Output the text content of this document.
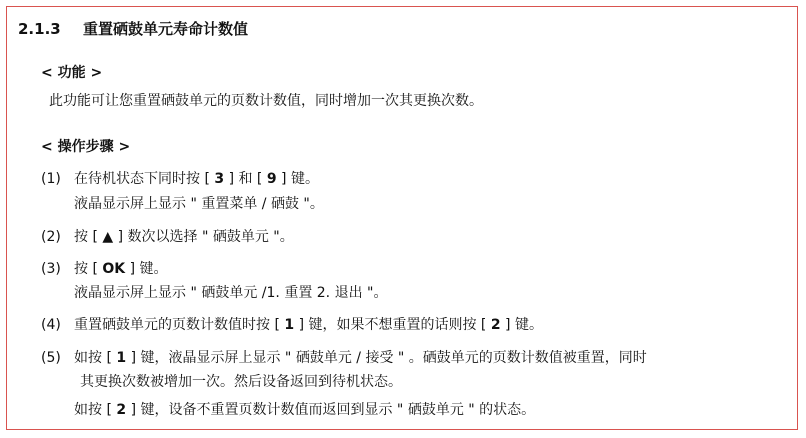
2.1.3 重置硒鼓单元寿命计数值
< 功能 >
此功能可让您重置硒鼓单元的页数计数值，同时增加一次其更换次数。
< 操作步骤 >
(1) 在待机状态下同时按 [ 3 ] 和 [ 9 ] 键。
液晶显示屏上显示 " 重置菜单 / 硒鼓 "。
(2) 按 [ ▲ ] 数次以选择 " 硒鼓单元 "。
(3) 按 [ OK ] 键。
液晶显示屏上显示 " 硒鼓单元 /1. 重置 2. 退出 "。
(4) 重置硒鼓单元的页数计数值时按 [ 1 ] 键，如果不想重置的话则按 [ 2 ] 键。
(5) 如按 [ 1 ] 键，液晶显示屏上显示 " 硒鼓单元 / 接受 " 。硒鼓单元的页数计数值被重置，同时
其更换次数被增加一次。然后设备返回到待机状态。
如按 [ 2 ] 键，设备不重置页数计数值而返回到显示 " 硒鼓单元 " 的状态。
